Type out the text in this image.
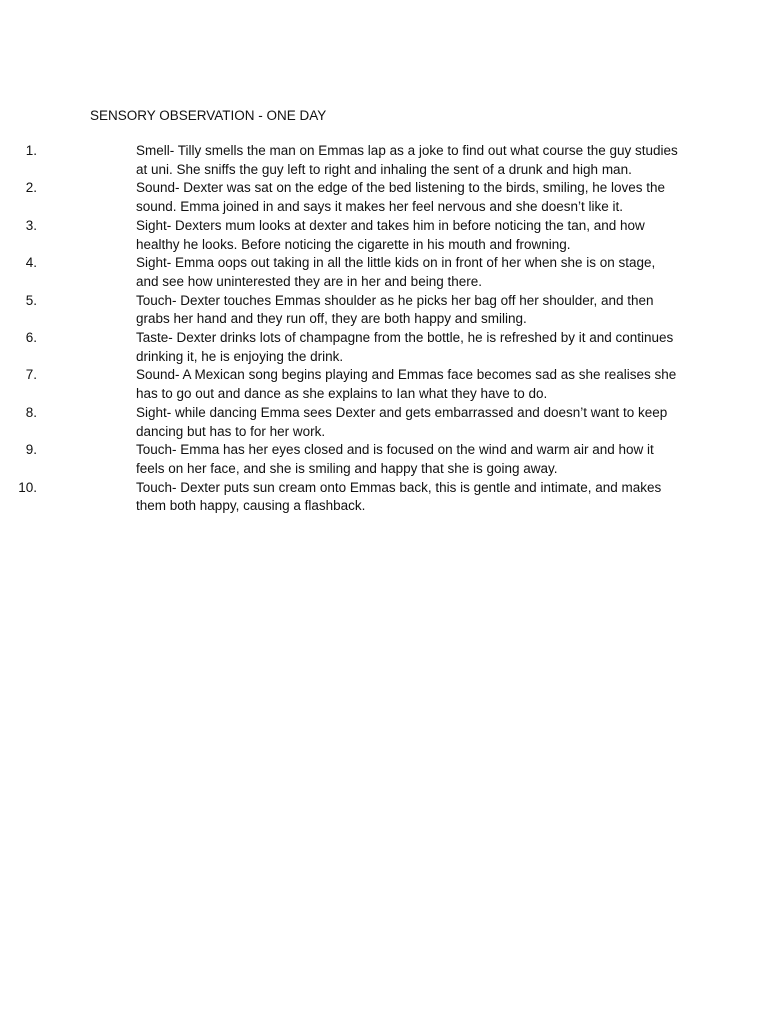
SENSORY OBSERVATION - ONE DAY
1.	Smell- Tilly smells the man on Emmas lap as a joke to find out what course the guy studies at uni. She sniffs the guy left to right and inhaling the sent of a drunk and high man.
2.	Sound- Dexter was sat on the edge of the bed listening to the birds, smiling, he loves the sound. Emma joined in and says it makes her feel nervous and she doesn’t like it.
3.	Sight- Dexters mum looks at dexter and takes him in before noticing the tan, and how healthy he looks. Before noticing the cigarette in his mouth and frowning.
4.	Sight- Emma oops out taking in all the little kids on in front of her when she is on stage, and see how uninterested they are in her and being there.
5.	Touch- Dexter touches Emmas shoulder as he picks her bag off her shoulder, and then grabs her hand and they run off, they are both happy and smiling.
6.	Taste- Dexter drinks lots of champagne from the bottle, he is refreshed by it and continues drinking it, he is enjoying the drink.
7.	Sound- A Mexican song begins playing and Emmas face becomes sad as she realises she has to go out and dance as she explains to Ian what they have to do.
8.	Sight- while dancing Emma sees Dexter and gets embarrassed and doesn’t want to keep dancing but has to for her work.
9.	Touch- Emma has her eyes closed and is focused on the wind and warm air and how it feels on her face, and she is smiling and happy that she is going away.
10.	Touch- Dexter puts sun cream onto Emmas back, this is gentle and intimate, and makes them both happy, causing a flashback.
